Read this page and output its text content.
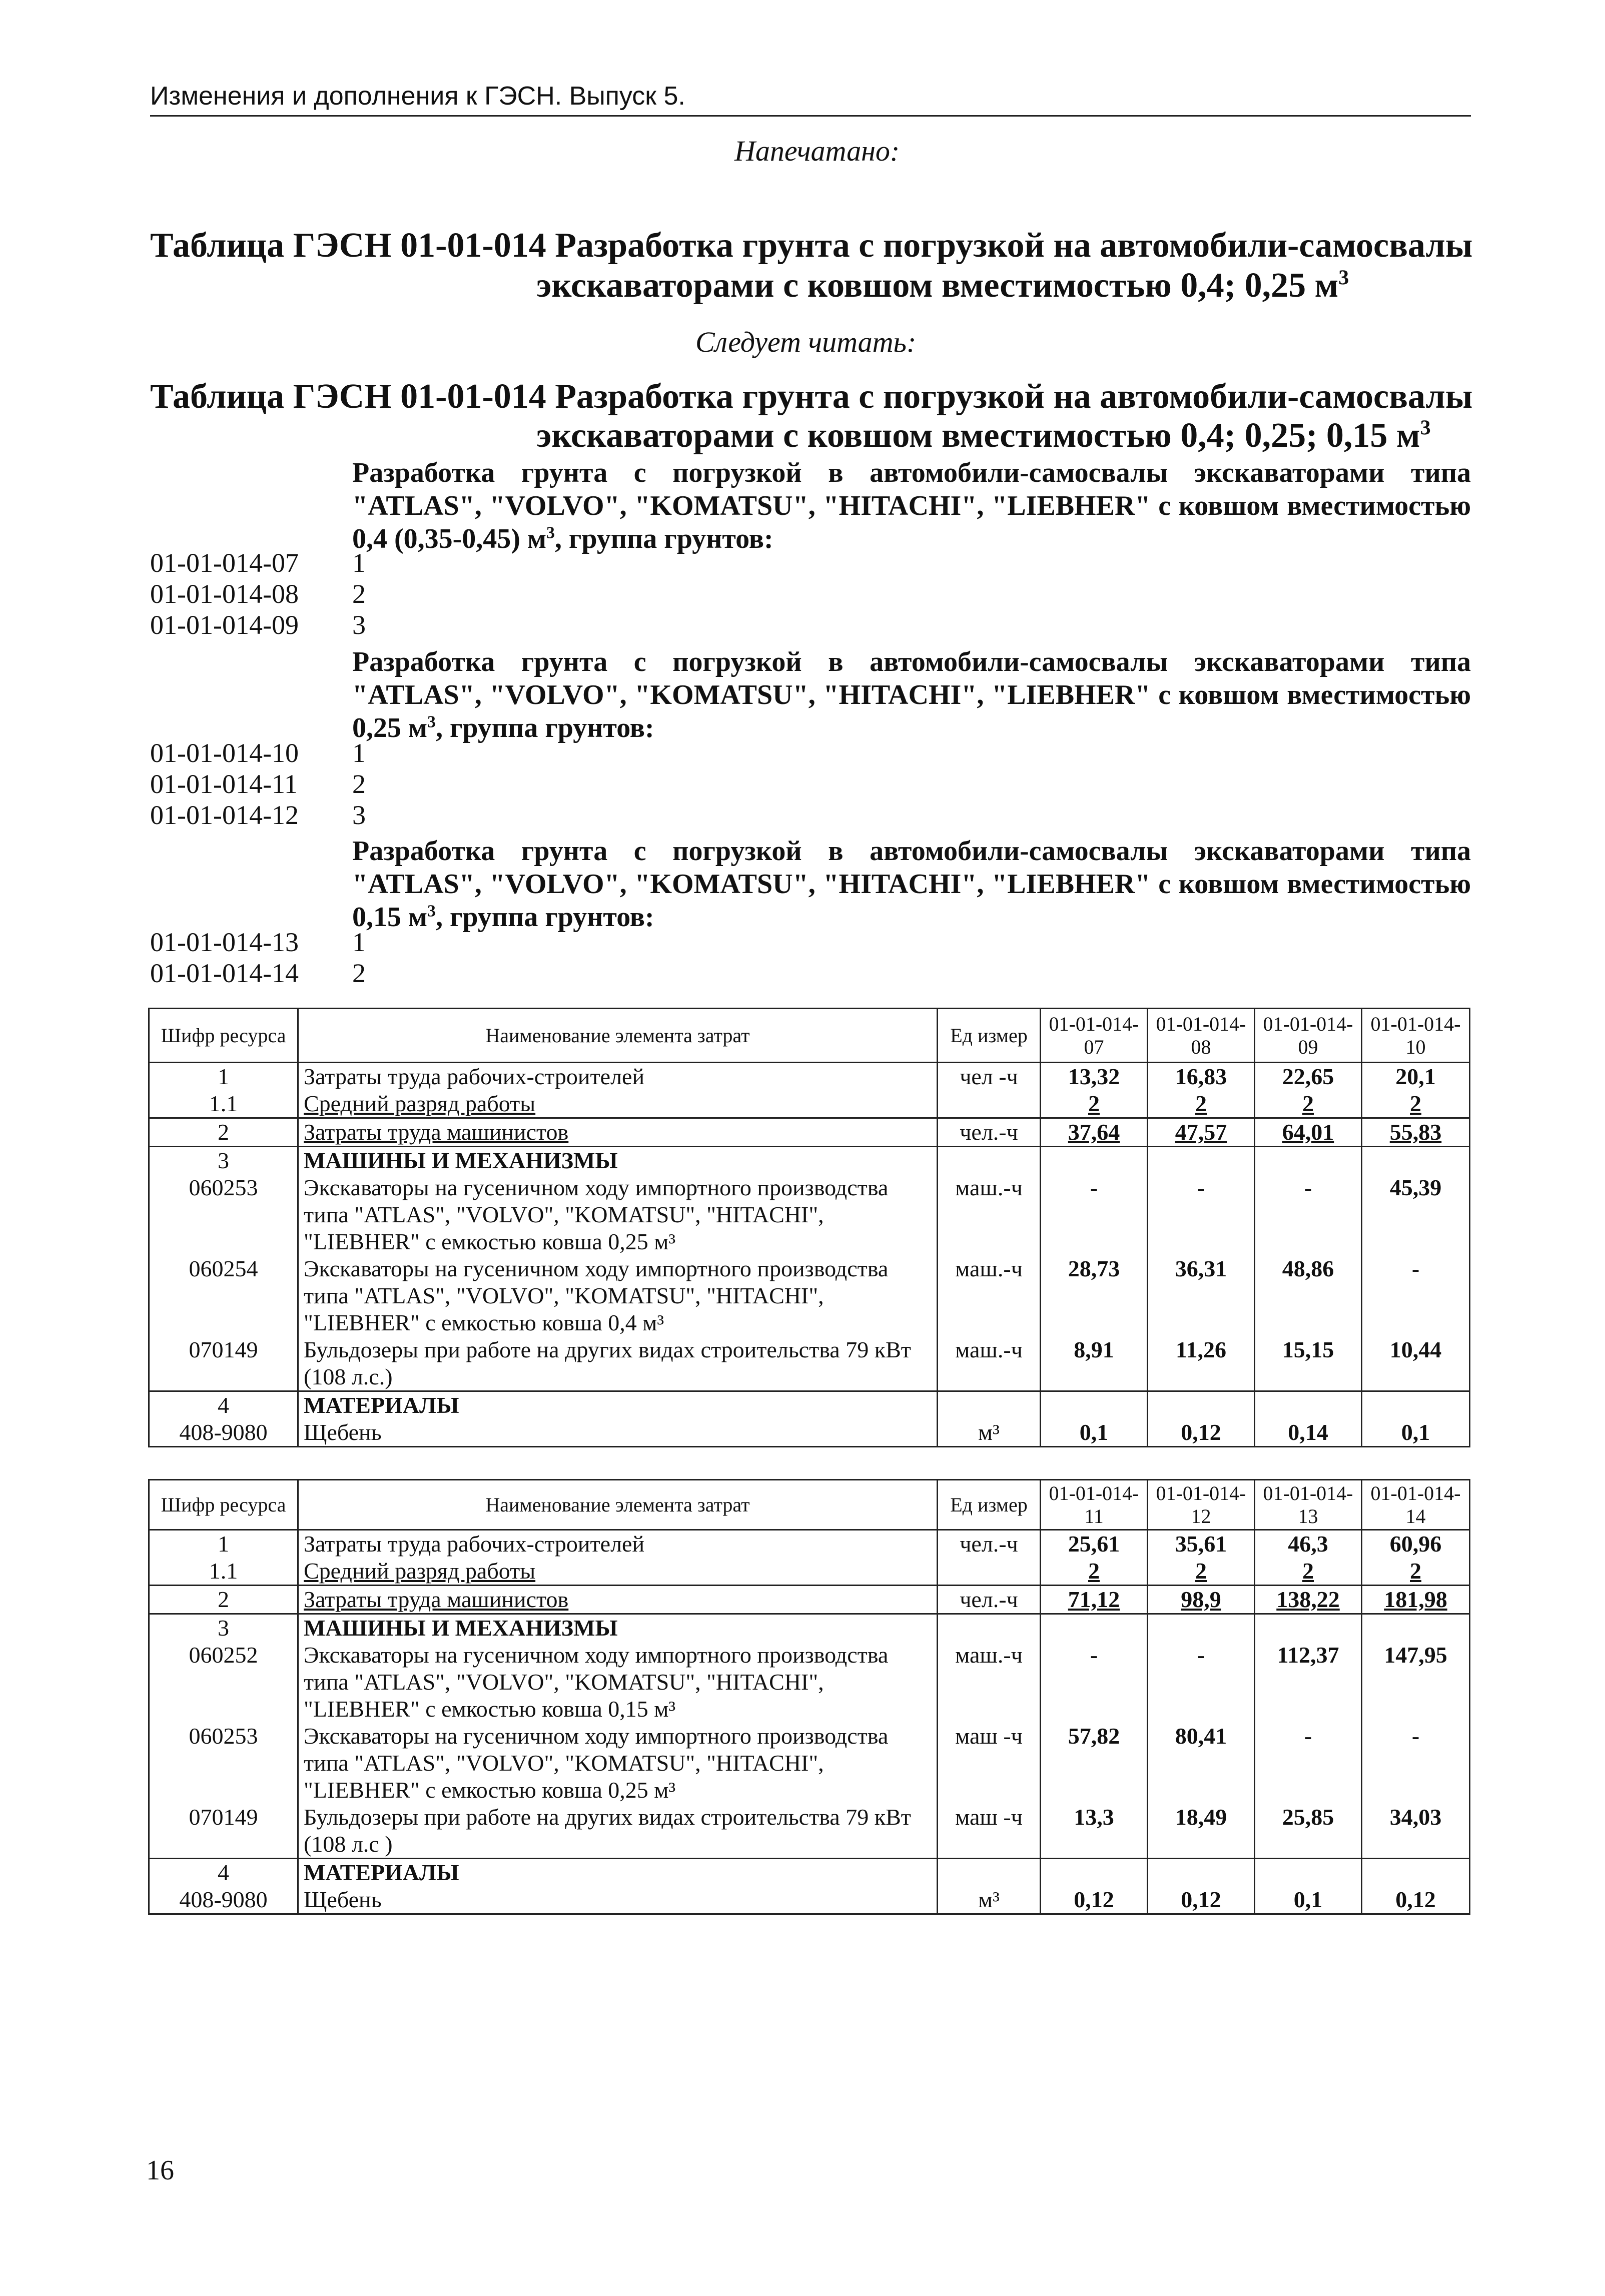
Изменения и дополнения к ГЭСН. Выпуск 5.
Напечатано:
Таблица ГЭСН 01-01-014 Разработка грунта с погрузкой на автомобили-самосвалы
экскаваторами с ковшом вместимостью 0,4; 0,25 $м^3$
Следует читать:
Таблица ГЭСН 01-01-014 Разработка грунта с погрузкой на автомобили-самосвалы
экскаваторами с ковшом вместимостью 0,4; 0,25; 0,15 $м^3$
Разработка грунта с погрузкой в автомобили-самосвалы экскаваторами типа "ATLAS", "VOLVO", "KOMATSU", "HITACHI", "LIEBHER" с ковшом вместимостью 0,4 (0,35-0,45) $м^3$, группа грунтов:
01-01-014-07	1
01-01-014-08	2
01-01-014-09	3
Разработка грунта с погрузкой в автомобили-самосвалы экскаваторами типа "ATLAS", "VOLVO", "KOMATSU", "HITACHI", "LIEBHER" с ковшом вместимостью 0,25 $м^3$, группа грунтов:
01-01-014-10	1
01-01-014-11	2
01-01-014-12	3
Разработка грунта с погрузкой в автомобили-самосвалы экскаваторами типа "ATLAS", "VOLVO", "KOMATSU", "HITACHI", "LIEBHER" с ковшом вместимостью 0,15 $м^3$, группа грунтов:
01-01-014-13	1
01-01-014-14	2
Шифр ресурса	Наименование элемента затрат	Ед измер	01-01-014-07	01-01-014-08	01-01-014-09	01-01-014-10
1	Затраты труда рабочих-строителей	чел -ч	13,32	16,83	22,65	20,1
1.1	Средний разряд работы		2	2	2	2
2	Затраты труда машинистов	чел.-ч	37,64	47,57	64,01	55,83
3	МАШИНЫ И МЕХАНИЗМЫ					
060253	Экскаваторы на гусеничном ходу импортного производства типа "ATLAS", "VOLVO", "KOMATSU", "HITACHI", "LIEBHER" с емкостью ковша 0,25 м³	маш.-ч	-	-	-	45,39
060254	Экскаваторы на гусеничном ходу импортного производства типа "ATLAS", "VOLVO", "KOMATSU", "HITACHI", "LIEBHER" с емкостью ковша 0,4 м³	маш.-ч	28,73	36,31	48,86	-
070149	Бульдозеры при работе на других видах строительства 79 кВт (108 л.с.)	маш.-ч	8,91	11,26	15,15	10,44
4	МАТЕРИАЛЫ					
408-9080	Щебень	м³	0,1	0,12	0,14	0,1
Шифр ресурса	Наименование элемента затрат	Ед измер	01-01-014-11	01-01-014-12	01-01-014-13	01-01-014-14
1	Затраты труда рабочих-строителей	чел.-ч	25,61	35,61	46,3	60,96
1.1	Средний разряд работы		2	2	2	2
2	Затраты труда машинистов	чел.-ч	71,12	98,9	138,22	181,98
3	МАШИНЫ И МЕХАНИЗМЫ					
060252	Экскаваторы на гусеничном ходу импортного производства типа "ATLAS", "VOLVO", "KOMATSU", "HITACHI", "LIEBHER" с емкостью ковша 0,15 м³	маш.-ч	-	-	112,37	147,95
060253	Экскаваторы на гусеничном ходу импортного производства типа "ATLAS", "VOLVO", "KOMATSU", "HITACHI", "LIEBHER" с емкостью ковша 0,25 м³	маш -ч	57,82	80,41	-	-
070149	Бульдозеры при работе на других видах строительства 79 кВт (108 л.с )	маш -ч	13,3	18,49	25,85	34,03
4	МАТЕРИАЛЫ					
408-9080	Щебень	м³	0,12	0,12	0,1	0,12
16
